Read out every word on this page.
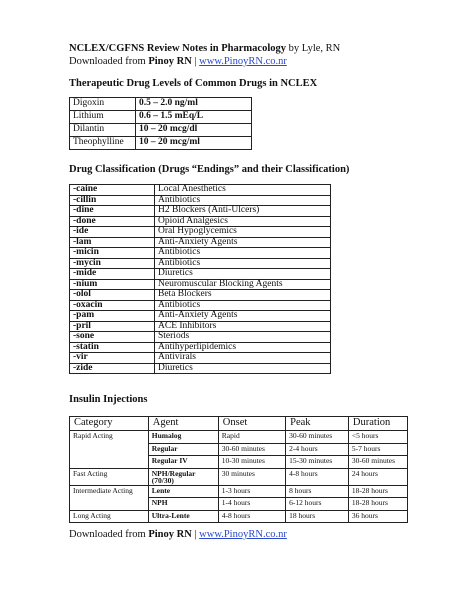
NCLEX/CGFNS Review Notes in Pharmacology by Lyle, RN
Downloaded from Pinoy RN | www.PinoyRN.co.nr
Therapeutic Drug Levels of Common Drugs in NCLEX
Digoxin	0.5 – 2.0 ng/ml
Lithium	0.6 – 1.5 mEq/L
Dilantin	10 – 20 mcg/dl
Theophylline	10 – 20 mcg/ml
Drug Classification (Drugs “Endings” and their Classification)
-caine	Local Anesthetics
-cillin	Antibiotics
-dine	H2 Blockers (Anti-Ulcers)
-done	Opioid Analgesics
-ide	Oral Hypoglycemics
-lam	Anti-Anxiety Agents
-micin	Antibiotics
-mycin	Antibiotics
-mide	Diuretics
-nium	Neuromuscular Blocking Agents
-olol	Beta Blockers
-oxacin	Antibiotics
-pam	Anti-Anxiety Agents
-pril	ACE Inhibitors
-sone	Steriods
-statin	Antihyperlipidemics
-vir	Antivirals
-zide	Diuretics
Insulin Injections
Category	Agent	Onset	Peak	Duration
Rapid Acting	Humalog	Rapid	30-60 minutes	<5 hours
	Regular	30-60 minutes	2-4 hours	5-7 hours
	Regular IV	10-30 minutes	15-30 minutes	30-60 minutes
Fast Acting	NPH/Regular (70/30)	30 minutes	4-8 hours	24 hours
Intermediate Acting	Lente	1-3 hours	8 hours	18-28 hours
	NPH	1-4 hours	6-12 hours	18-28 hours
Long Acting	Ultra-Lente	4-8 hours	18 hours	36 hours
Downloaded from Pinoy RN | www.PinoyRN.co.nr
